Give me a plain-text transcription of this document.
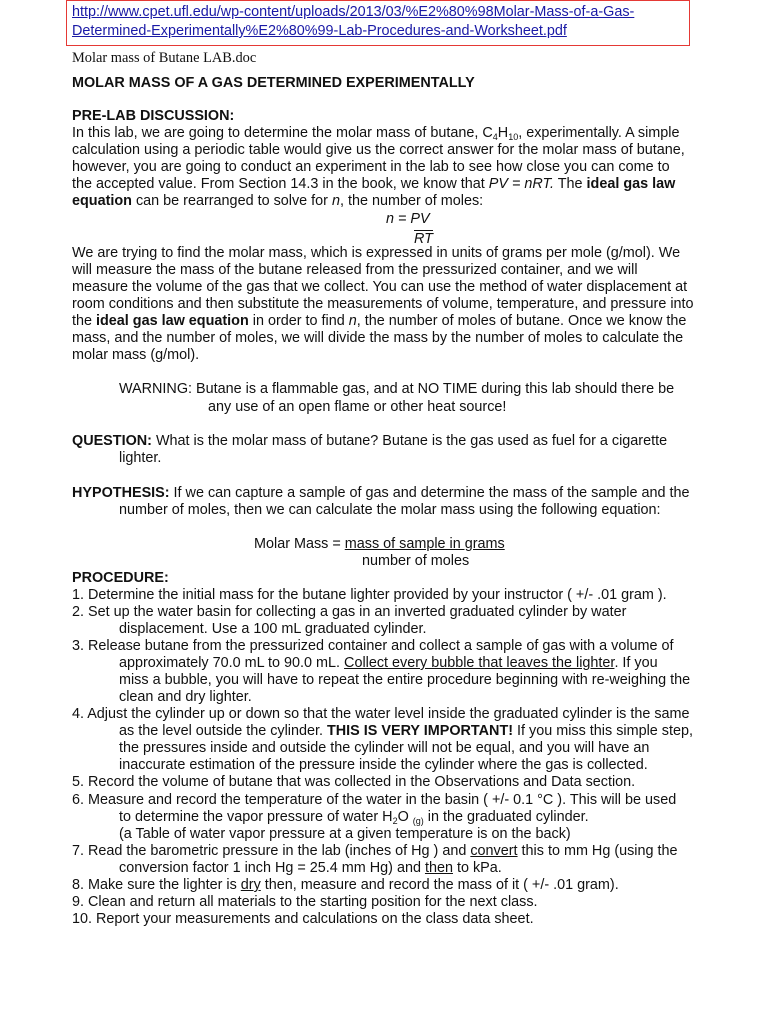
http://www.cpet.ufl.edu/wp-content/uploads/2013/03/%E2%80%98Molar-Mass-of-a-Gas-
Determined-Experimentally%E2%80%99-Lab-Procedures-and-Worksheet.pdf
Molar mass of Butane LAB.doc
MOLAR MASS OF A GAS DETERMINED EXPERIMENTALLY
PRE-LAB DISCUSSION:
In this lab, we are going to determine the molar mass of butane, $C_4H_{10}$, experimentally. A simple
calculation using a periodic table would give us the correct answer for the molar mass of butane,
however, you are going to conduct an experiment in the lab to see how close you can come to
the accepted value. From Section 14.3 in the book, we know that PV = nRT. The ideal gas law
equation can be rearranged to solve for n, the number of moles:
$\frac{n = PV}{RT}$
We are trying to find the molar mass, which is expressed in units of grams per mole (g/mol). We
will measure the mass of the butane released from the pressurized container, and we will
measure the volume of the gas that we collect. You can use the method of water displacement at
room conditions and then substitute the measurements of volume, temperature, and pressure into
the ideal gas law equation in order to find n, the number of moles of butane. Once we know the
mass, and the number of moles, we will divide the mass by the number of moles to calculate the
molar mass (g/mol).
WARNING: Butane is a flammable gas, and at NO TIME during this lab should there be
any use of an open flame or other heat source!
QUESTION: What is the molar mass of butane? Butane is the gas used as fuel for a cigarette
lighter.
HYPOTHESIS: If we can capture a sample of gas and determine the mass of the sample and the
number of moles, then we can calculate the molar mass using the following equation:
Molar Mass = mass of sample in grams
number of moles
PROCEDURE:
1. Determine the initial mass for the butane lighter provided by your instructor ( +/- .01 gram ).
2. Set up the water basin for collecting a gas in an inverted graduated cylinder by water
displacement. Use a 100 mL graduated cylinder.
3. Release butane from the pressurized container and collect a sample of gas with a volume of
approximately 70.0 mL to 90.0 mL. Collect every bubble that leaves the lighter. If you
miss a bubble, you will have to repeat the entire procedure beginning with re-weighing the
clean and dry lighter.
4. Adjust the cylinder up or down so that the water level inside the graduated cylinder is the same
as the level outside the cylinder. THIS IS VERY IMPORTANT! If you miss this simple step,
the pressures inside and outside the cylinder will not be equal, and you will have an
inaccurate estimation of the pressure inside the cylinder where the gas is collected.
5. Record the volume of butane that was collected in the Observations and Data section.
6. Measure and record the temperature of the water in the basin ( +/- 0.1 °C ). This will be used
to determine the vapor pressure of water $H_2O$ $_{(g)}$ in the graduated cylinder.
(a Table of water vapor pressure at a given temperature is on the back)
7. Read the barometric pressure in the lab (inches of Hg ) and convert this to mm Hg (using the
conversion factor 1 inch Hg = 25.4 mm Hg) and then to kPa.
8. Make sure the lighter is dry then, measure and record the mass of it ( +/- .01 gram).
9. Clean and return all materials to the starting position for the next class.
10. Report your measurements and calculations on the class data sheet.
